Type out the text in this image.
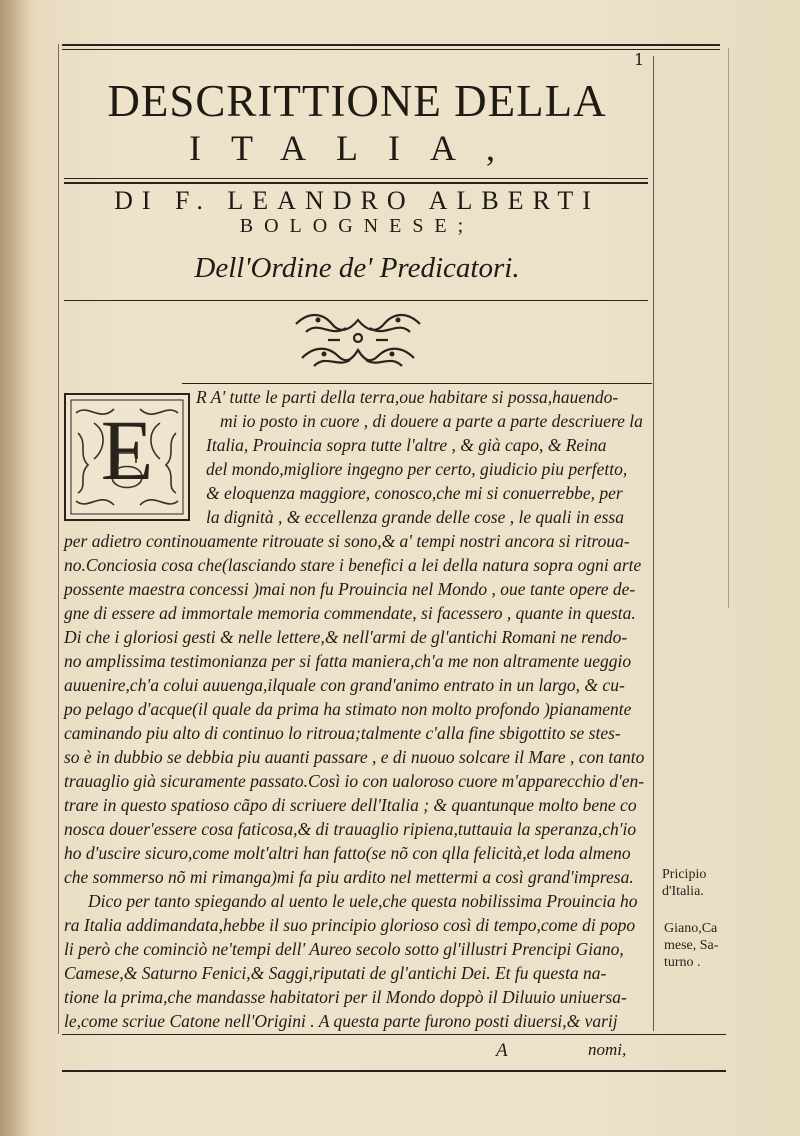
1
DESCRITTIONE DELLA
ITALIA,
DI F. LEANDRO ALBERTI
BOLOGNESE;
Dell'Ordine de' Predicatori.
E
R A' tutte le parti della terra,oue habitare si possa,hauendo-
mi io posto in cuore , di douere a parte a parte descriuere la
Italia, Prouincia sopra tutte l'altre , & già capo, & Reina
del mondo,migliore ingegno per certo, giudicio piu perfetto,
& eloquenza maggiore, conosco,che mi si conuerrebbe, per
la dignità , & eccellenza grande delle cose , le quali in essa
per adietro continouamente ritrouate si sono,& a' tempi nostri ancora si ritroua-
no.Conciosia cosa che(lasciando stare i benefici a lei della natura sopra ogni arte
possente maestra concessi )mai non fu Prouincia nel Mondo , oue tante opere de-
gne di essere ad immortale memoria commendate, si facessero , quante in questa.
Di che i gloriosi gesti & nelle lettere,& nell'armi de gl'antichi Romani ne rendo-
no amplissima testimonianza per si fatta maniera,ch'a me non altramente ueggio
auuenire,ch'a colui auuenga,ilquale con grand'animo entrato in un largo, & cu-
po pelago d'acque(il quale da prima ha stimato non molto profondo )pianamente
caminando piu alto di continuo lo ritroua;talmente c'alla fine sbigottito se stes-
so è in dubbio se debbia piu auanti passare , e di nuouo solcare il Mare , con tanto
trauaglio già sicuramente passato.Così io con ualoroso cuore m'apparecchio d'en-
trare in questo spatioso cãpo di scriuere dell'Italia ; & quantunque molto bene co
nosca douer'essere cosa faticosa,& di trauaglio ripiena,tuttauia la speranza,ch'io
ho d'uscire sicuro,come molt'altri han fatto(se nõ con qlla felicità,et loda almeno
che sommerso nõ mi rimanga)mi fa piu ardito nel mettermi a così grand'impresa.
Dico per tanto spiegando al uento le uele,che questa nobilissima Prouincia ho
ra Italia addimandata,hebbe il suo principio glorioso così di tempo,come di popo
li però che cominciò ne'tempi dell' Aureo secolo sotto gl'illustri Prencipi Giano,
Camese,& Saturno Fenici,& Saggi,riputati de gl'antichi Dei. Et fu questa na-
tione la prima,che mandasse habitatori per il Mondo doppò il Diluuio uniuersa-
le,come scriue Catone nell'Origini . A questa parte furono posti diuersi,& varij
Pricipio
d'Italia.
Giano,Ca
mese, Sa-
turno .
A	nomi,
